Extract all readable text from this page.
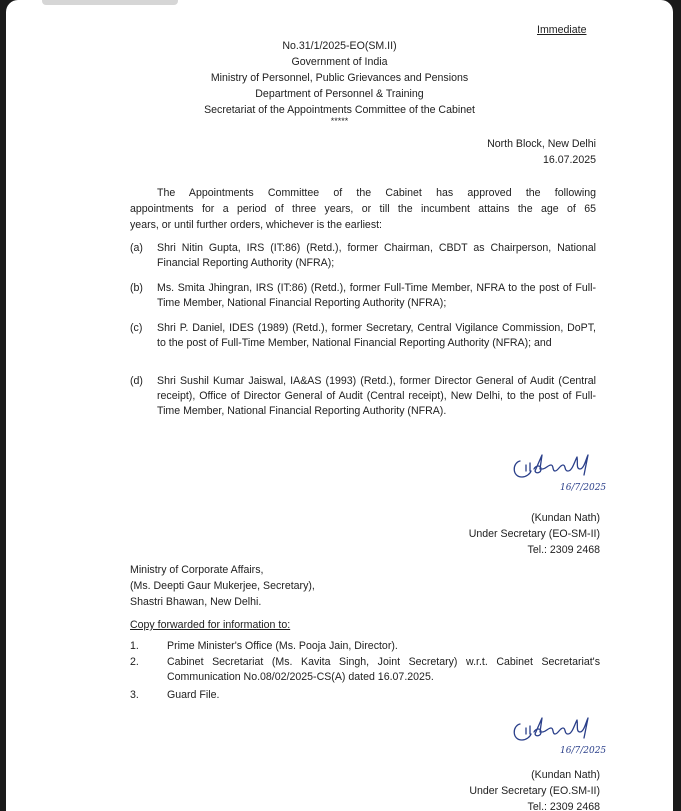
Immediate
No.31/1/2025-EO(SM.II)
Government of India
Ministry of Personnel, Public Grievances and Pensions
Department of Personnel & Training
Secretariat of the Appointments Committee of the Cabinet
*****
North Block, New Delhi
16.07.2025
The Appointments Committee of the Cabinet has approved the following
appointments for a period of three years, or till the incumbent attains the age of 65
years, or until further orders, whichever is the earliest:
(a) Shri Nitin Gupta, IRS (IT:86) (Retd.), former Chairman, CBDT as Chairperson, National Financial Reporting Authority (NFRA);
(b) Ms. Smita Jhingran, IRS (IT:86) (Retd.), former Full-Time Member, NFRA to the post of Full-Time Member, National Financial Reporting Authority (NFRA);
(c) Shri P. Daniel, IDES (1989) (Retd.), former Secretary, Central Vigilance Commission, DoPT, to the post of Full-Time Member, National Financial Reporting Authority (NFRA); and
(d) Shri Sushil Kumar Jaiswal, IA&AS (1993) (Retd.), former Director General of Audit (Central receipt), Office of Director General of Audit (Central receipt), New Delhi, to the post of Full-Time Member, National Financial Reporting Authority (NFRA).
16/7/2025
(Kundan Nath)
Under Secretary (EO-SM-II)
Tel.: 2309 2468
Ministry of Corporate Affairs,
(Ms. Deepti Gaur Mukerjee, Secretary),
Shastri Bhawan, New Delhi.
Copy forwarded for information to:
1.	Prime Minister's Office (Ms. Pooja Jain, Director).
2.	Cabinet Secretariat (Ms. Kavita Singh, Joint Secretary) w.r.t. Cabinet Secretariat's Communication No.08/02/2025-CS(A) dated 16.07.2025.
3.	Guard File.
16/7/2025
(Kundan Nath)
Under Secretary (EO.SM-II)
Tel.: 2309 2468
